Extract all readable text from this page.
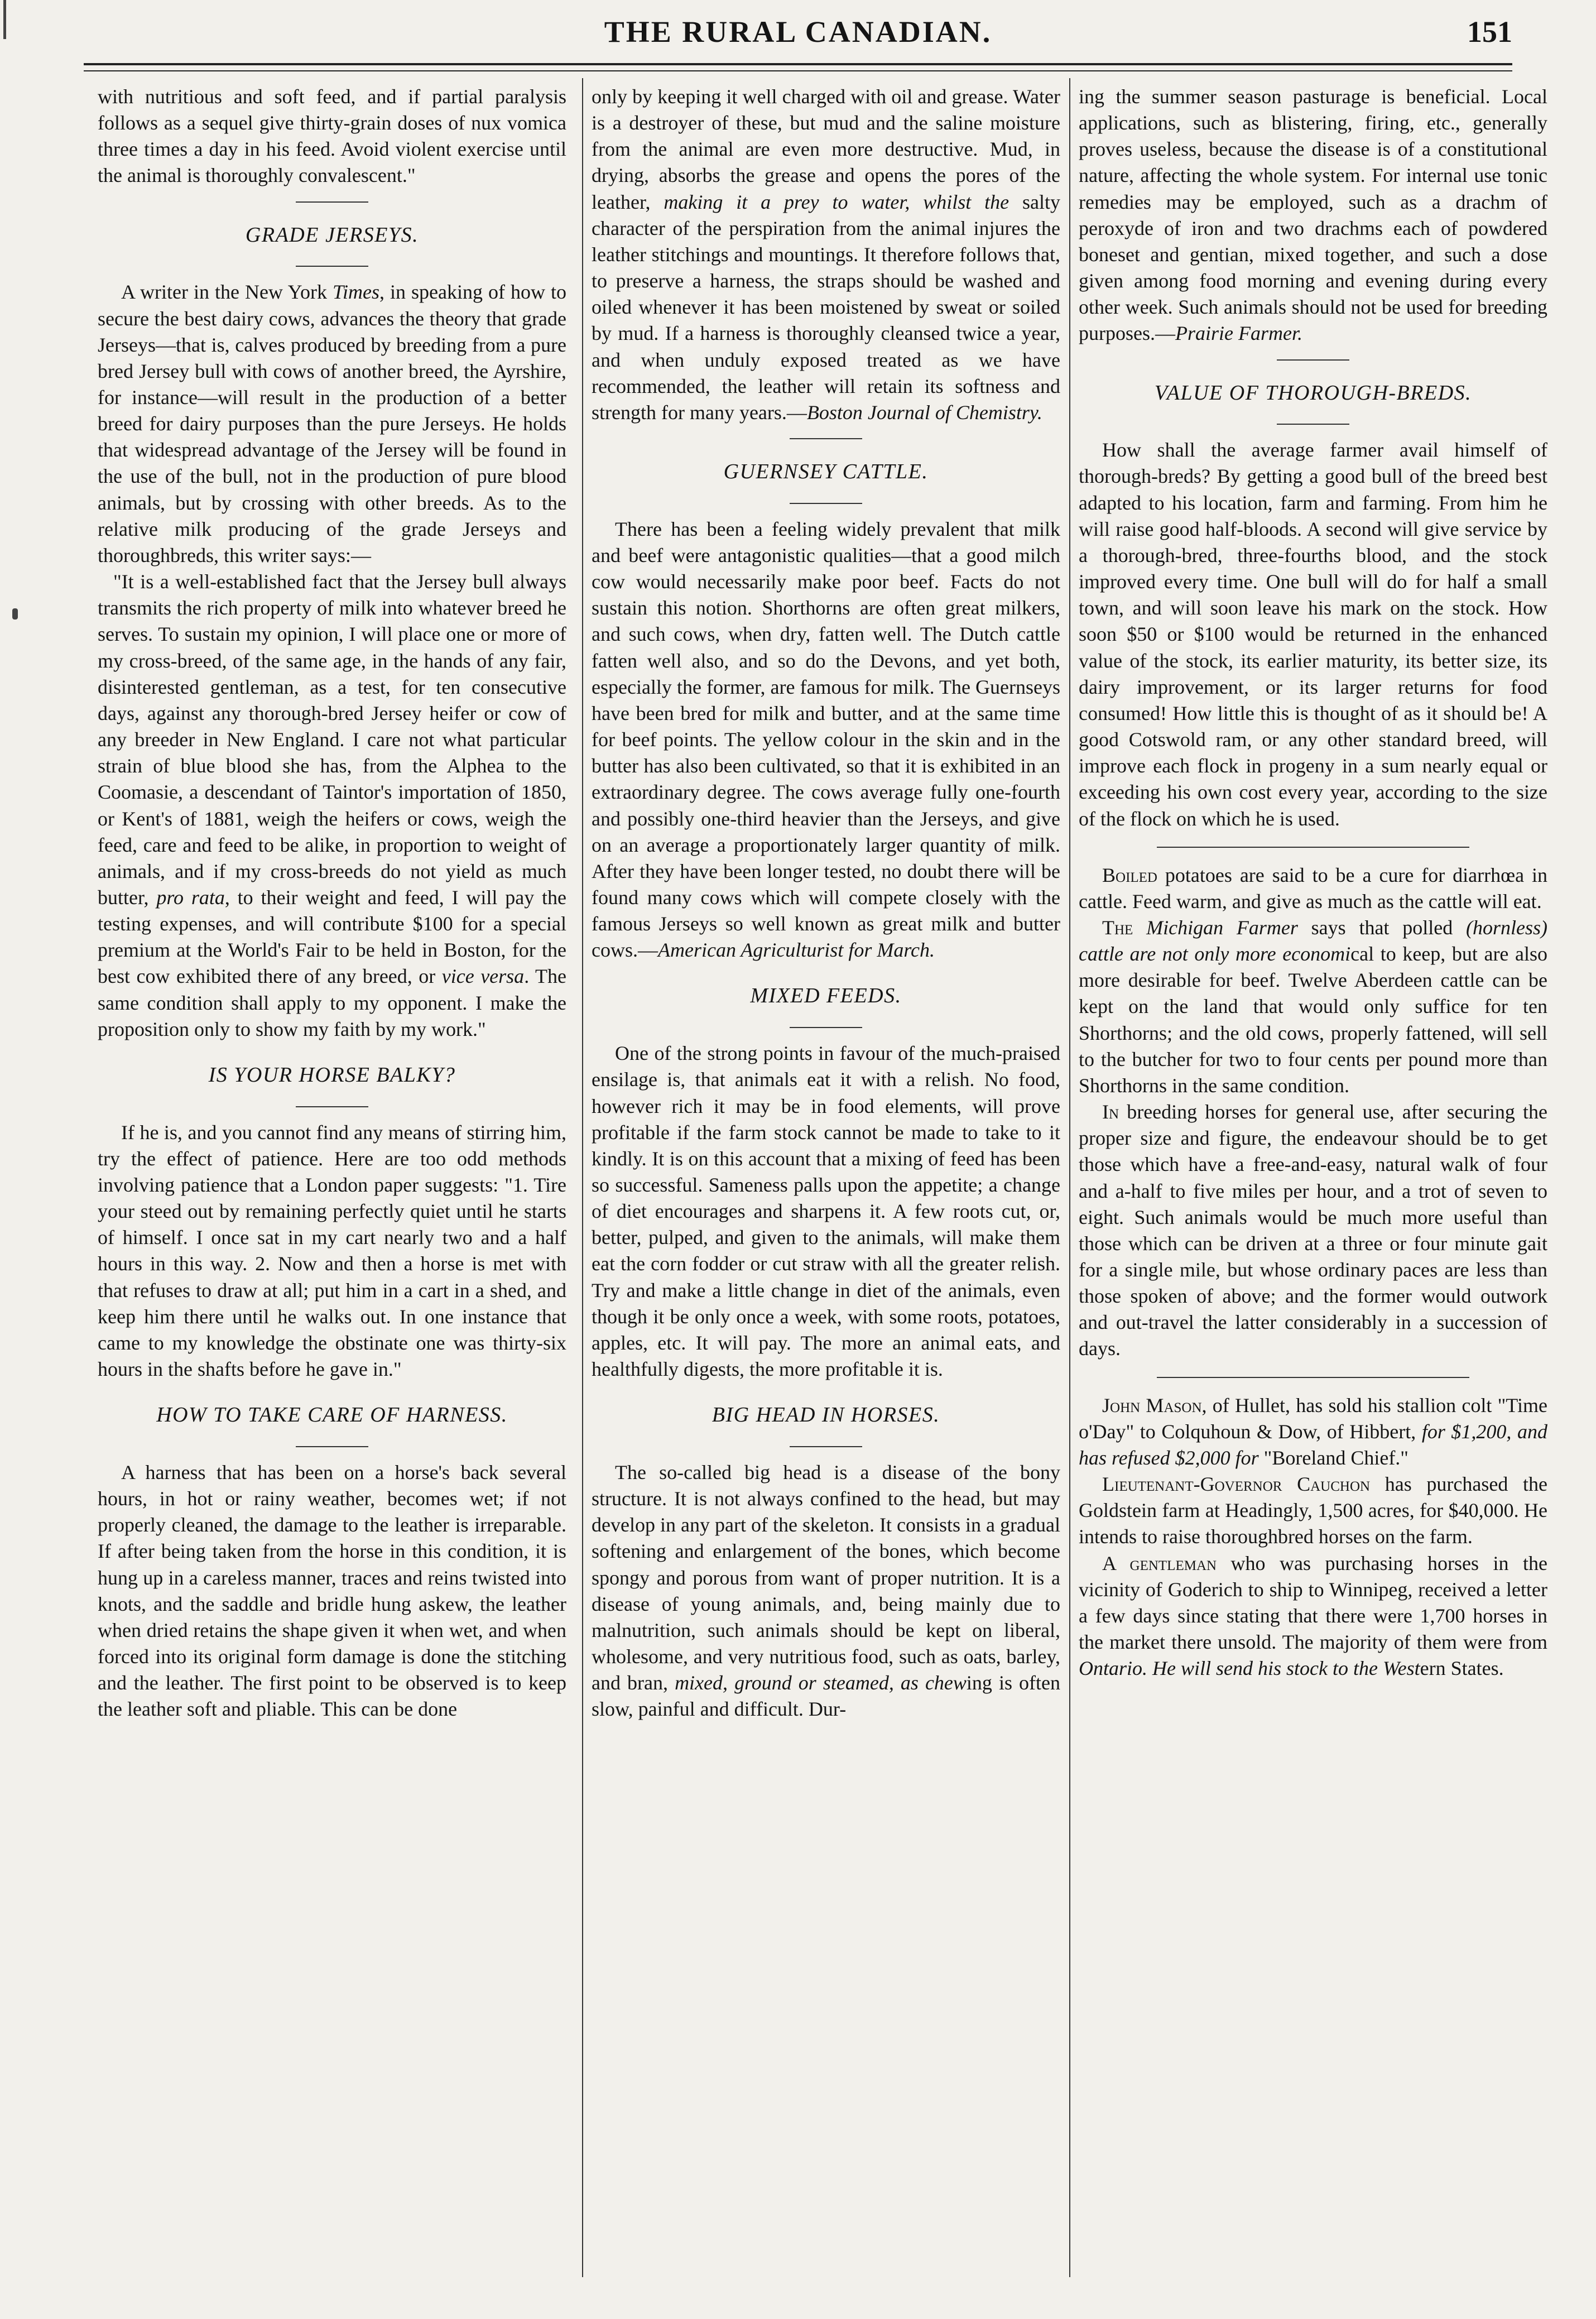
THE RURAL CANADIAN.	151

with nutritious and soft feed, and if partial paralysis follows as a sequel give thirty-grain doses of nux vomica three times a day in his feed. Avoid violent exercise until the animal is thoroughly convalescent."

GRADE JERSEYS.

A writer in the New York Times, in speaking of how to secure the best dairy cows, advances the theory that grade Jerseys—that is, calves produced by breeding from a pure bred Jersey bull with cows of another breed, the Ayrshire, for instance—will result in the production of a better breed for dairy purposes than the pure Jerseys. He holds that widespread advantage of the Jersey will be found in the use of the bull, not in the production of pure blood animals, but by crossing with other breeds. As to the relative milk producing of the grade Jerseys and thoroughbreds, this writer says:—

"It is a well-established fact that the Jersey bull always transmits the rich property of milk into whatever breed he serves. To sustain my opinion, I will place one or more of my cross-breed, of the same age, in the hands of any fair, disinterested gentleman, as a test, for ten consecutive days, against any thorough-bred Jersey heifer or cow of any breeder in New England. I care not what particular strain of blue blood she has, from the Alphea to the Coomasie, a descendant of Taintor's importation of 1850, or Kent's of 1881, weigh the heifers or cows, weigh the feed, care and feed to be alike, in proportion to weight of animals, and if my cross-breeds do not yield as much butter, pro rata, to their weight and feed, I will pay the testing expenses, and will contribute $100 for a special premium at the World's Fair to be held in Boston, for the best cow exhibited there of any breed, or vice versa. The same condition shall apply to my opponent. I make the proposition only to show my faith by my work."

IS YOUR HORSE BALKY?

If he is, and you cannot find any means of stirring him, try the effect of patience. Here are too odd methods involving patience that a London paper suggests: "1. Tire your steed out by remaining perfectly quiet until he starts of himself. I once sat in my cart nearly two and a half hours in this way. 2. Now and then a horse is met with that refuses to draw at all; put him in a cart in a shed, and keep him there until he walks out. In one instance that came to my knowledge the obstinate one was thirty-six hours in the shafts before he gave in."

HOW TO TAKE CARE OF HARNESS.

A harness that has been on a horse's back several hours, in hot or rainy weather, becomes wet; if not properly cleaned, the damage to the leather is irreparable. If after being taken from the horse in this condition, it is hung up in a careless manner, traces and reins twisted into knots, and the saddle and bridle hung askew, the leather when dried retains the shape given it when wet, and when forced into its original form damage is done the stitching and the leather. The first point to be observed is to keep the leather soft and pliable. This can be done

only by keeping it well charged with oil and grease. Water is a destroyer of these, but mud and the saline moisture from the animal are even more destructive. Mud, in drying, absorbs the grease and opens the pores of the leather, making it a prey to water, whilst the salty character of the perspiration from the animal injures the leather stitchings and mountings. It therefore follows that, to preserve a harness, the straps should be washed and oiled whenever it has been moistened by sweat or soiled by mud. If a harness is thoroughly cleansed twice a year, and when unduly exposed treated as we have recommended, the leather will retain its softness and strength for many years.—Boston Journal of Chemistry.

GUERNSEY CATTLE.

There has been a feeling widely prevalent that milk and beef were antagonistic qualities—that a good milch cow would necessarily make poor beef. Facts do not sustain this notion. Shorthorns are often great milkers, and such cows, when dry, fatten well. The Dutch cattle fatten well also, and so do the Devons, and yet both, especially the former, are famous for milk. The Guernseys have been bred for milk and butter, and at the same time for beef points. The yellow colour in the skin and in the butter has also been cultivated, so that it is exhibited in an extraordinary degree. The cows average fully one-fourth and possibly one-third heavier than the Jerseys, and give on an average a proportionately larger quantity of milk. After they have been longer tested, no doubt there will be found many cows which will compete closely with the famous Jerseys so well known as great milk and butter cows.—American Agriculturist for March.

MIXED FEEDS.

One of the strong points in favour of the much-praised ensilage is, that animals eat it with a relish. No food, however rich it may be in food elements, will prove profitable if the farm stock cannot be made to take to it kindly. It is on this account that a mixing of feed has been so successful. Sameness palls upon the appetite; a change of diet encourages and sharpens it. A few roots cut, or, better, pulped, and given to the animals, will make them eat the corn fodder or cut straw with all the greater relish. Try and make a little change in diet of the animals, even though it be only once a week, with some roots, potatoes, apples, etc. It will pay. The more an animal eats, and healthfully digests, the more profitable it is.

BIG HEAD IN HORSES.

The so-called big head is a disease of the bony structure. It is not always confined to the head, but may develop in any part of the skeleton. It consists in a gradual softening and enlargement of the bones, which become spongy and porous from want of proper nutrition. It is a disease of young animals, and, being mainly due to malnutrition, such animals should be kept on liberal, wholesome, and very nutritious food, such as oats, barley, and bran, mixed, ground or steamed, as chewing is often slow, painful and difficult. Dur-

ing the summer season pasturage is beneficial. Local applications, such as blistering, firing, etc., generally proves useless, because the disease is of a constitutional nature, affecting the whole system. For internal use tonic remedies may be employed, such as a drachm of peroxyde of iron and two drachms each of powdered boneset and gentian, mixed together, and such a dose given among food morning and evening during every other week. Such animals should not be used for breeding purposes.—Prairie Farmer.

VALUE OF THOROUGH-BREDS.

How shall the average farmer avail himself of thorough-breds? By getting a good bull of the breed best adapted to his location, farm and farming. From him he will raise good half-bloods. A second will give service by a thorough-bred, three-fourths blood, and the stock improved every time. One bull will do for half a small town, and will soon leave his mark on the stock. How soon $50 or $100 would be returned in the enhanced value of the stock, its earlier maturity, its better size, its dairy improvement, or its larger returns for food consumed! How little this is thought of as it should be! A good Cotswold ram, or any other standard breed, will improve each flock in progeny in a sum nearly equal or exceeding his own cost every year, according to the size of the flock on which he is used.

Boiled potatoes are said to be a cure for diarrhœa in cattle. Feed warm, and give as much as the cattle will eat.

The Michigan Farmer says that polled (hornless) cattle are not only more economical to keep, but are also more desirable for beef. Twelve Aberdeen cattle can be kept on the land that would only suffice for ten Shorthorns; and the old cows, properly fattened, will sell to the butcher for two to four cents per pound more than Shorthorns in the same condition.

In breeding horses for general use, after securing the proper size and figure, the endeavour should be to get those which have a free-and-easy, natural walk of four and a-half to five miles per hour, and a trot of seven to eight. Such animals would be much more useful than those which can be driven at a three or four minute gait for a single mile, but whose ordinary paces are less than those spoken of above; and the former would outwork and out-travel the latter considerably in a succession of days.

John Mason, of Hullet, has sold his stallion colt "Time o'Day" to Colquhoun & Dow, of Hibbert, for $1,200, and has refused $2,000 for "Boreland Chief."

Lieutenant-Governor Cauchon has purchased the Goldstein farm at Headingly, 1,500 acres, for $40,000. He intends to raise thoroughbred horses on the farm.

A gentleman who was purchasing horses in the vicinity of Goderich to ship to Winnipeg, received a letter a few days since stating that there were 1,700 horses in the market there unsold. The majority of them were from Ontario. He will send his stock to the Western States.
